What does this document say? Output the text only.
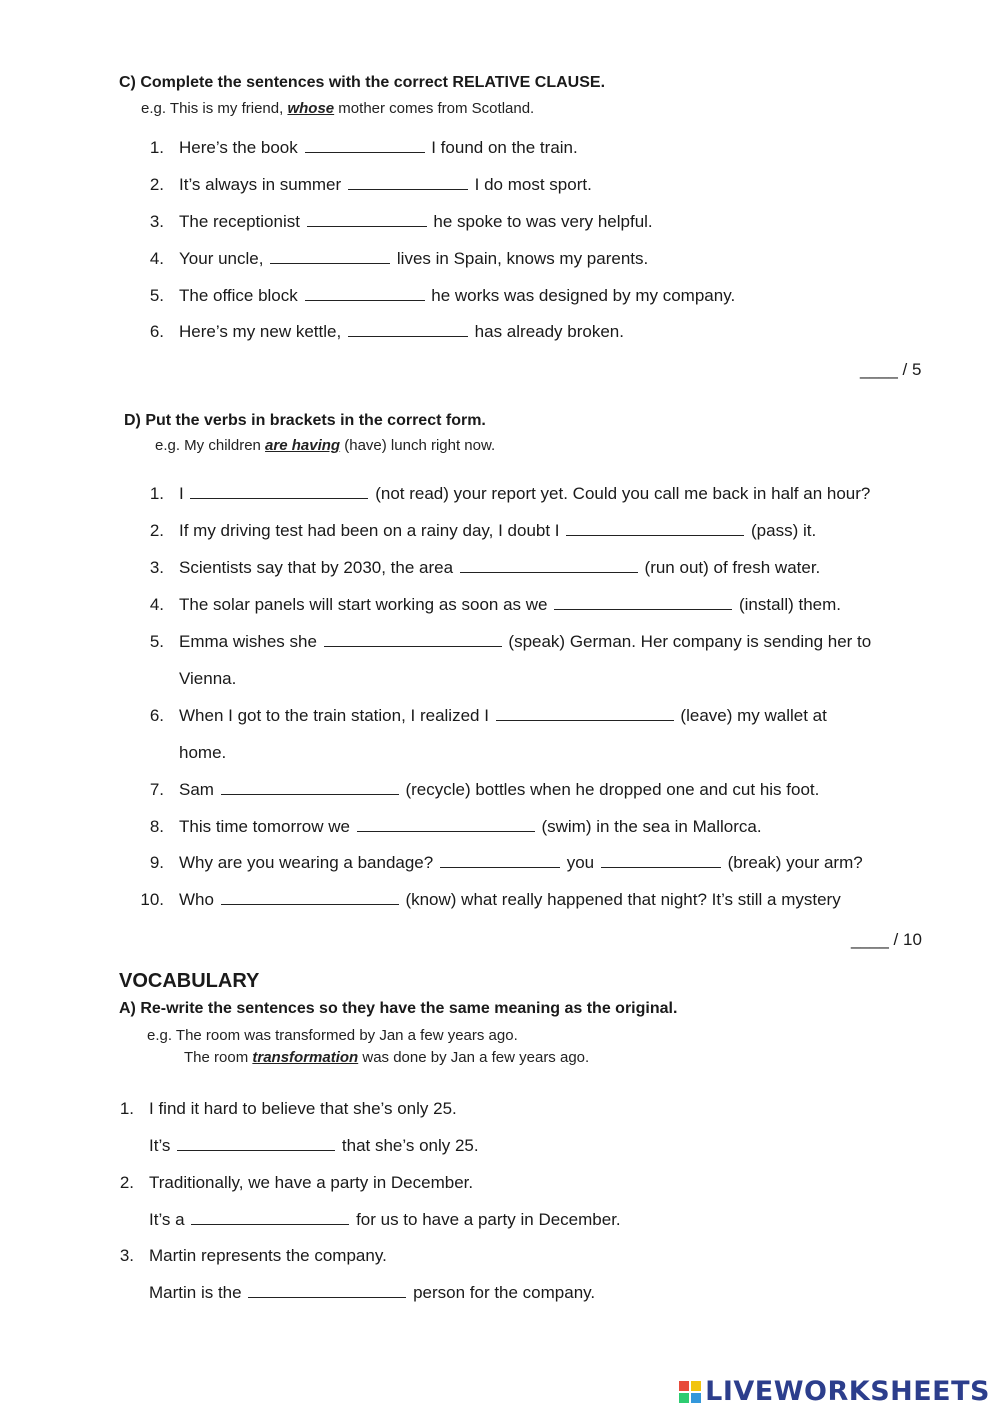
C) Complete the sentences with the correct RELATIVE CLAUSE.
e.g. This is my friend, whose mother comes from Scotland.
1. Here’s the book	I found on the train.
2. It’s always in summer	I do most sport.
3. The receptionist	he spoke to was very helpful.
4. Your uncle,	lives in Spain, knows my parents.
5. The office block	he works was designed by my company.
6. Here’s my new kettle,	has already broken.
____ / 5
D) Put the verbs in brackets in the correct form.
e.g. My children are having (have) lunch right now.
1. I	(not read) your report yet. Could you call me back in half an hour?
2. If my driving test had been on a rainy day, I doubt I	(pass) it.
3. Scientists say that by 2030, the area	(run out) of fresh water.
4. The solar panels will start working as soon as we	(install) them.
5. Emma wishes she	(speak) German. Her company is sending her to
Vienna.
6. When I got to the train station, I realized I	(leave) my wallet at
home.
7. Sam	(recycle) bottles when he dropped one and cut his foot.
8. This time tomorrow we	(swim) in the sea in Mallorca.
9. Why are you wearing a bandage?	you	(break) your arm?
10. Who	(know) what really happened that night? It’s still a mystery
____ / 10
VOCABULARY
A) Re-write the sentences so they have the same meaning as the original.
e.g. The room was transformed by Jan a few years ago.
The room transformation was done by Jan a few years ago.
1. I find it hard to believe that she’s only 25.
It’s	that she’s only 25.
2. Traditionally, we have a party in December.
It’s a	for us to have a party in December.
3. Martin represents the company.
Martin is the	person for the company.
LIVEWORKSHEETS
